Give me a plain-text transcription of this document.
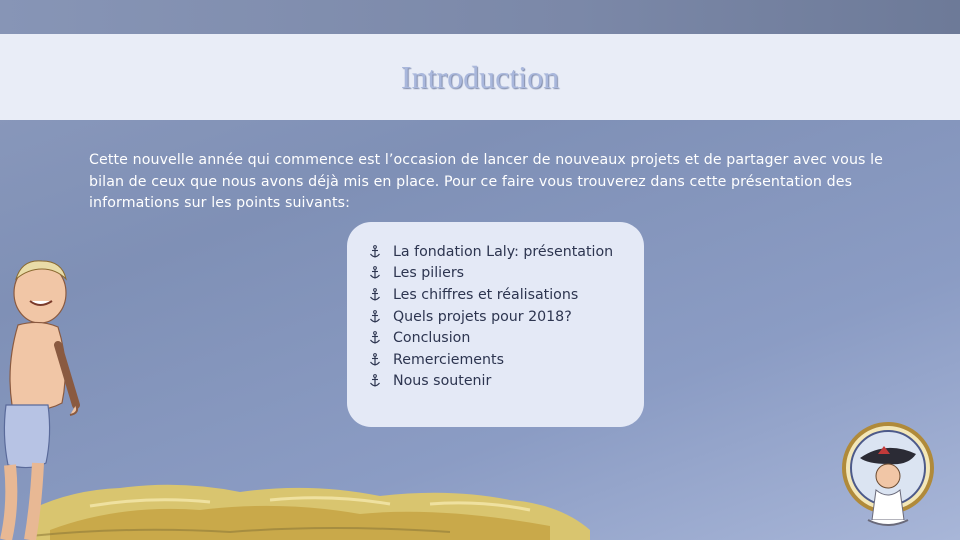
Introduction

Cette nouvelle année qui commence est l’occasion de lancer de nouveaux projets et de partager avec vous le bilan de ceux que nous avons déjà mis en place. Pour ce faire vous trouverez dans cette présentation des informations sur les points suivants:

La fondation Laly: présentation
Les piliers
Les chiffres et réalisations
Quels projets pour 2018?
Conclusion
Remerciements
Nous soutenir
